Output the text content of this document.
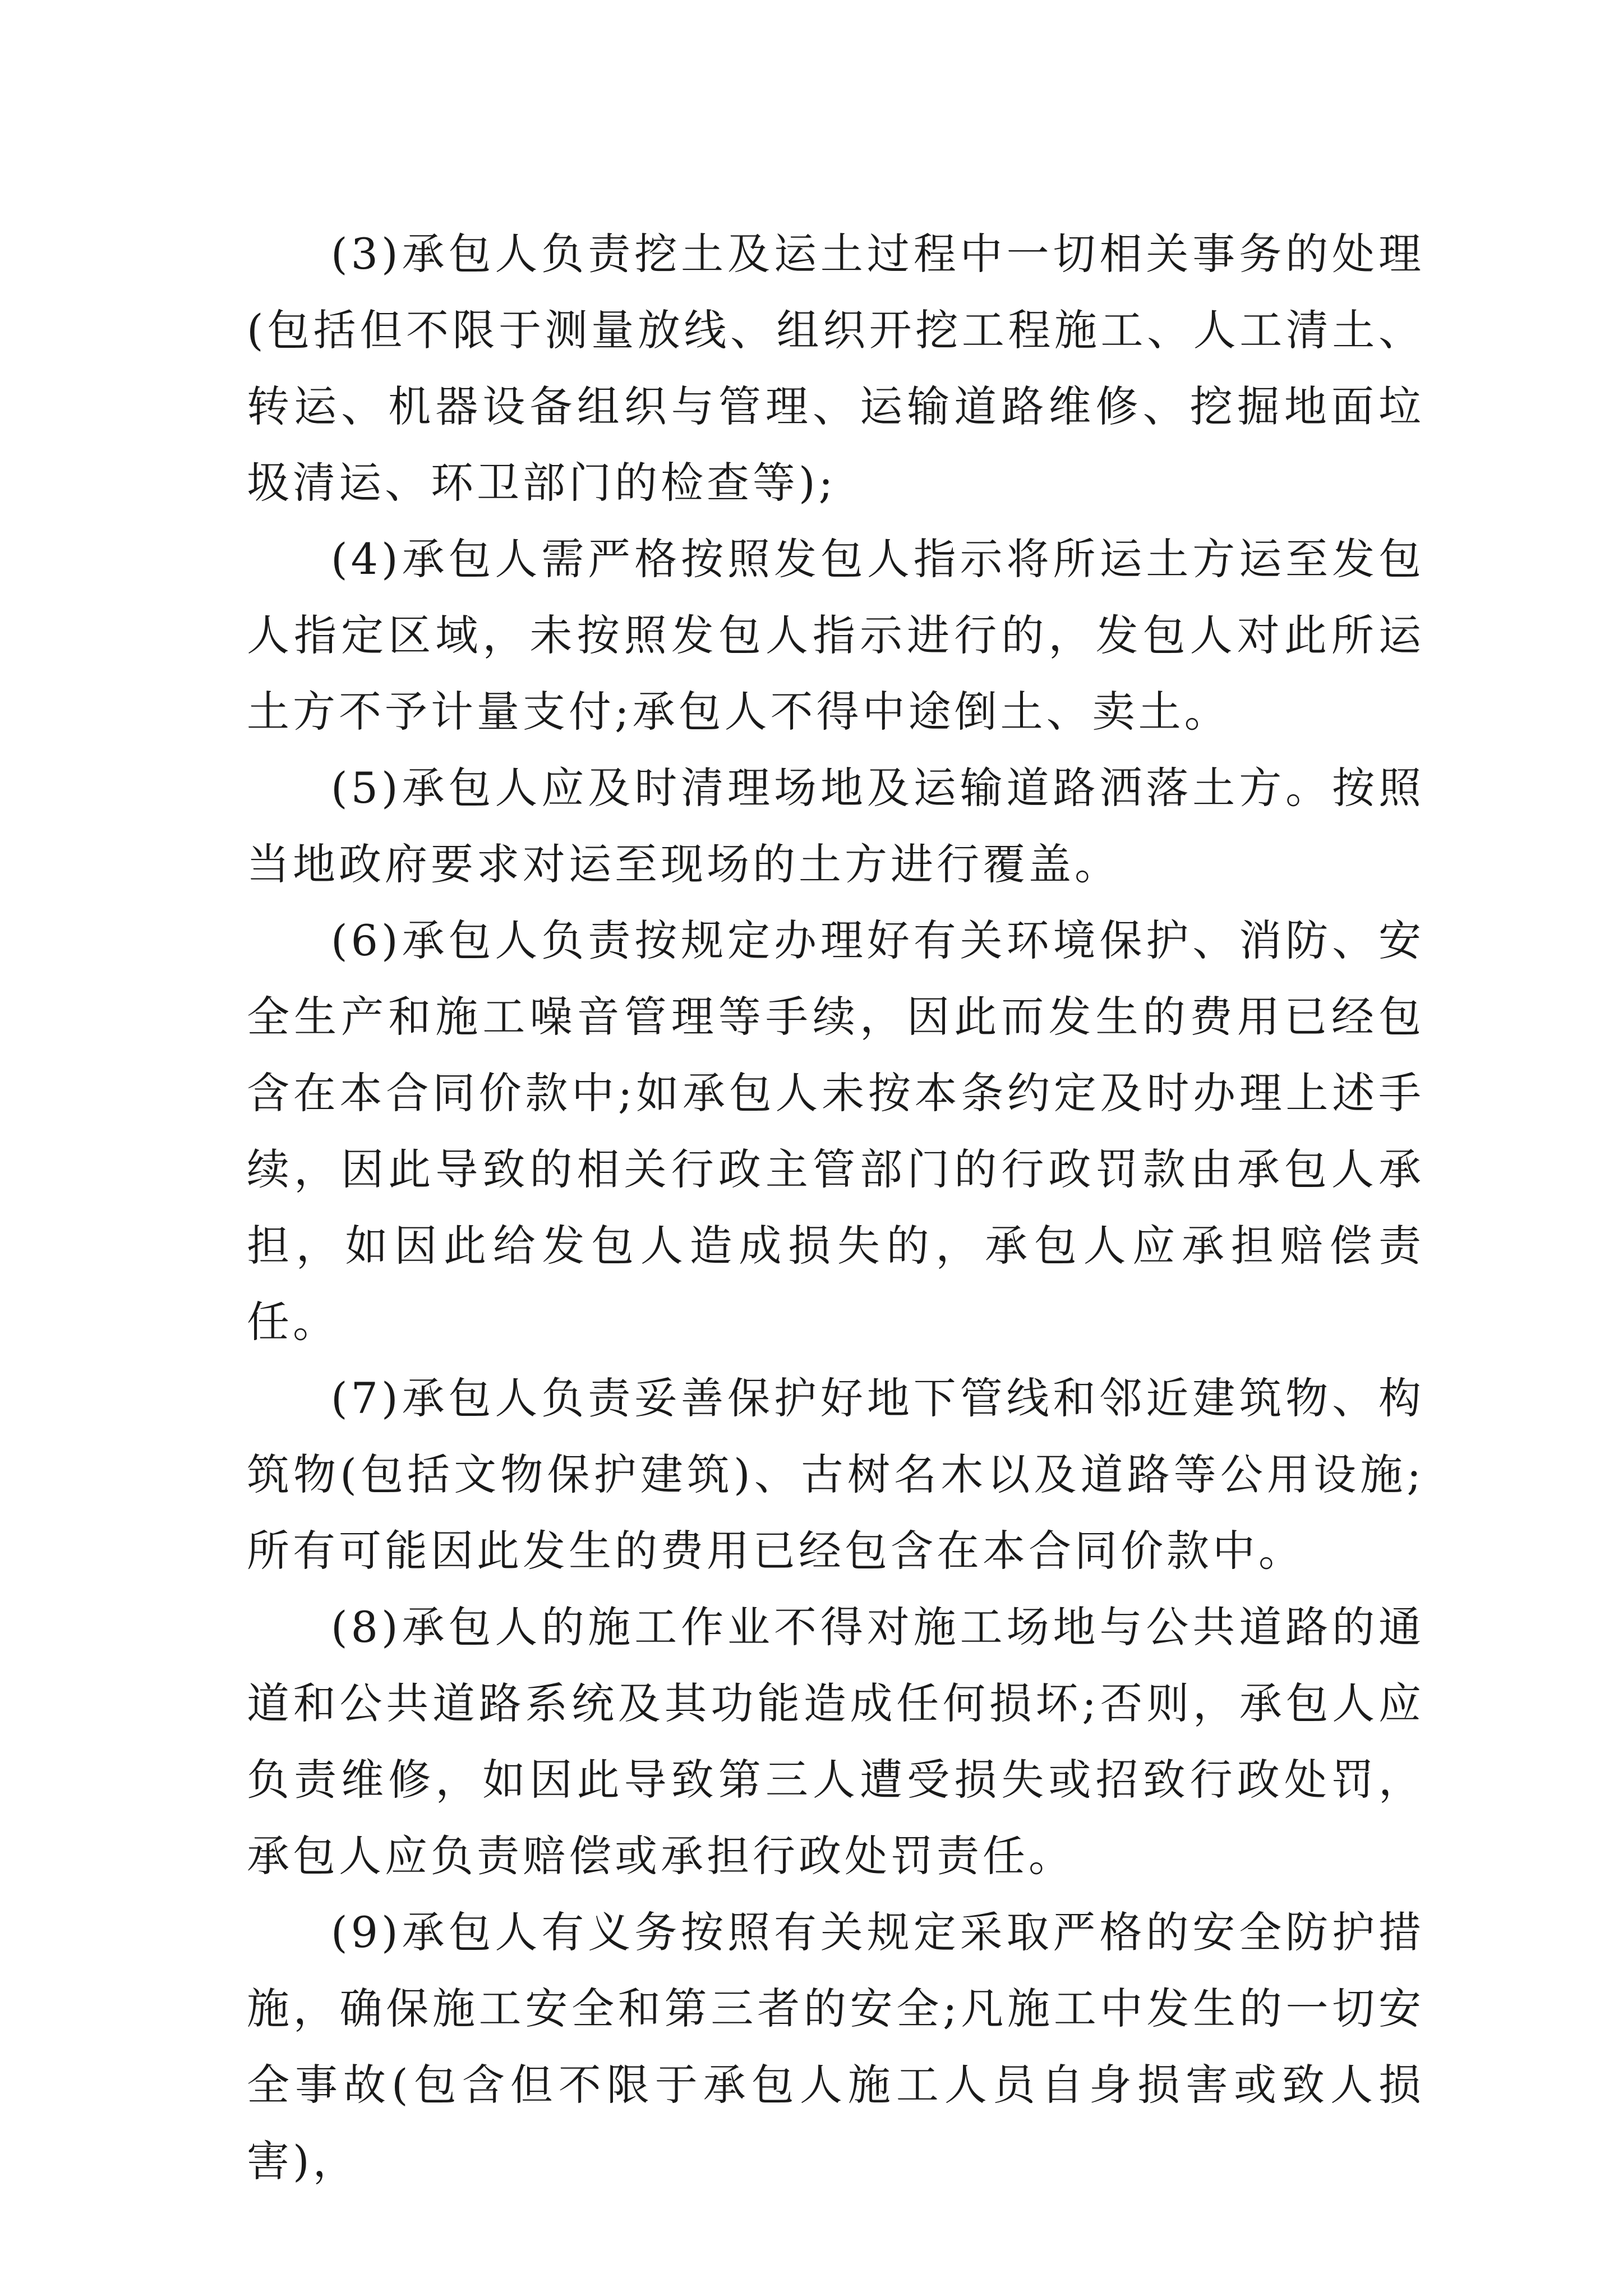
(3)承包人负责挖土及运土过程中一切相关事务的处理(包括但不限于测量放线、组织开挖工程施工、人工清土、转运、机器设备组织与管理、运输道路维修、挖掘地面垃圾清运、环卫部门的检查等);

(4)承包人需严格按照发包人指示将所运土方运至发包人指定区域，未按照发包人指示进行的，发包人对此所运土方不予计量支付;承包人不得中途倒土、卖土。

(5)承包人应及时清理场地及运输道路洒落土方。按照当地政府要求对运至现场的土方进行覆盖。

(6)承包人负责按规定办理好有关环境保护、消防、安全生产和施工噪音管理等手续，因此而发生的费用已经包含在本合同价款中;如承包人未按本条约定及时办理上述手续，因此导致的相关行政主管部门的行政罚款由承包人承担，如因此给发包人造成损失的，承包人应承担赔偿责任。

(7)承包人负责妥善保护好地下管线和邻近建筑物、构筑物(包括文物保护建筑)、古树名木以及道路等公用设施;所有可能因此发生的费用已经包含在本合同价款中。

(8)承包人的施工作业不得对施工场地与公共道路的通道和公共道路系统及其功能造成任何损坏;否则，承包人应负责维修，如因此导致第三人遭受损失或招致行政处罚，承包人应负责赔偿或承担行政处罚责任。

(9)承包人有义务按照有关规定采取严格的安全防护措施，确保施工安全和第三者的安全;凡施工中发生的一切安全事故(包含但不限于承包人施工人员自身损害或致人损害)，
